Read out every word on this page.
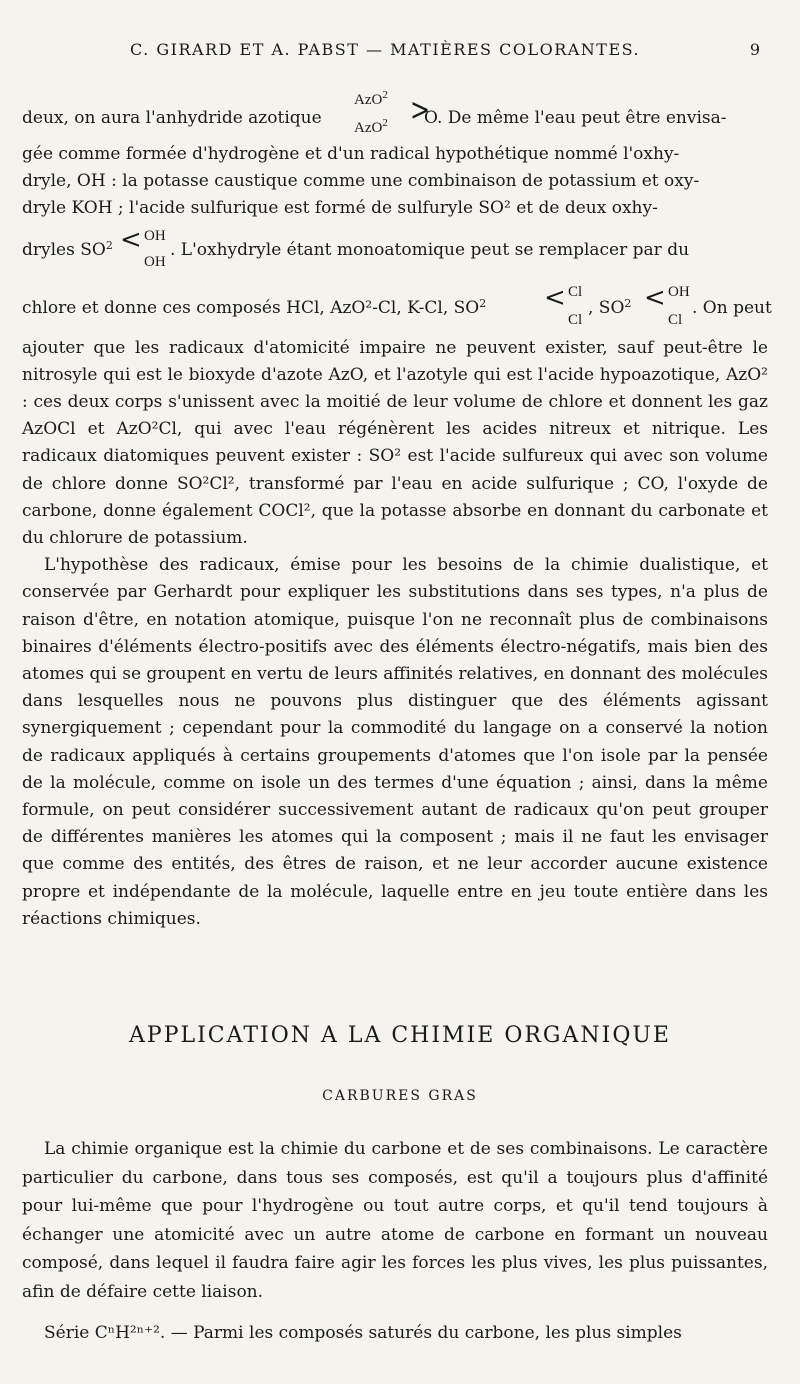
C. GIRARD ET A. PABST — MATIÈRES COLORANTES.	9

deux, on aura l'anhydride azotique
AzO$^2$
AzO$^2$ >
O. De même l'eau peut être envisa-
gée comme formée d'hydrogène et d'un radical hypothétique nommé l'oxhy-
dryle, OH : la potasse caustique comme une combinaison de potassium et oxy-
dryle KOH ; l'acide sulfurique est formé de sulfuryle SO² et de deux oxhy-
dryles $SO^2$ < OH
OH
. L'oxhydryle étant monoatomique peut se remplacer par du
chlore et donne ces composés HCl, AzO²-Cl, K-Cl, $SO^2 < Cl$
Cl
, $SO^2$ < OH
Cl
. On peut
ajouter que les radicaux d'atomicité impaire ne peuvent exister, sauf peut-être le nitrosyle qui est le bioxyde d'azote AzO, et l'azotyle qui est l'acide hypoazotique, AzO² : ces deux corps s'unissent avec la moitié de leur volume de chlore et donnent les gaz AzOCl et AzO²Cl, qui avec l'eau régénèrent les acides nitreux et nitrique. Les radicaux diatomiques peuvent exister : SO² est l'acide sulfureux qui avec son volume de chlore donne SO²Cl², transformé par l'eau en acide sulfurique ; CO, l'oxyde de carbone, donne également COCl², que la potasse absorbe en donnant du carbonate et du chlorure de potassium.

L'hypothèse des radicaux, émise pour les besoins de la chimie dualistique, et conservée par Gerhardt pour expliquer les substitutions dans ses types, n'a plus de raison d'être, en notation atomique, puisque l'on ne reconnaît plus de combinaisons binaires d'éléments électro-positifs avec des éléments électro-négatifs, mais bien des atomes qui se groupent en vertu de leurs affinités relatives, en donnant des molécules dans lesquelles nous ne pouvons plus distinguer que des éléments agissant synergiquement ; cependant pour la commodité du langage on a conservé la notion de radicaux appliqués à certains groupements d'atomes que l'on isole par la pensée de la molécule, comme on isole un des termes d'une équation ; ainsi, dans la même formule, on peut considérer successivement autant de radicaux qu'on peut grouper de différentes manières les atomes qui la composent ; mais il ne faut les envisager que comme des entités, des êtres de raison, et ne leur accorder aucune existence propre et indépendante de la molécule, laquelle entre en jeu toute entière dans les réactions chimiques.

APPLICATION A LA CHIMIE ORGANIQUE
CARBURES GRAS

La chimie organique est la chimie du carbone et de ses combinaisons. Le caractère particulier du carbone, dans tous ses composés, est qu'il a toujours plus d'affinité pour lui-même que pour l'hydrogène ou tout autre corps, et qu'il tend toujours à échanger une atomicité avec un autre atome de carbone en formant un nouveau composé, dans lequel il faudra faire agir les forces les plus vives, les plus puissantes, afin de défaire cette liaison.

Série CⁿH²ⁿ⁺². — Parmi les composés saturés du carbone, les plus simples
